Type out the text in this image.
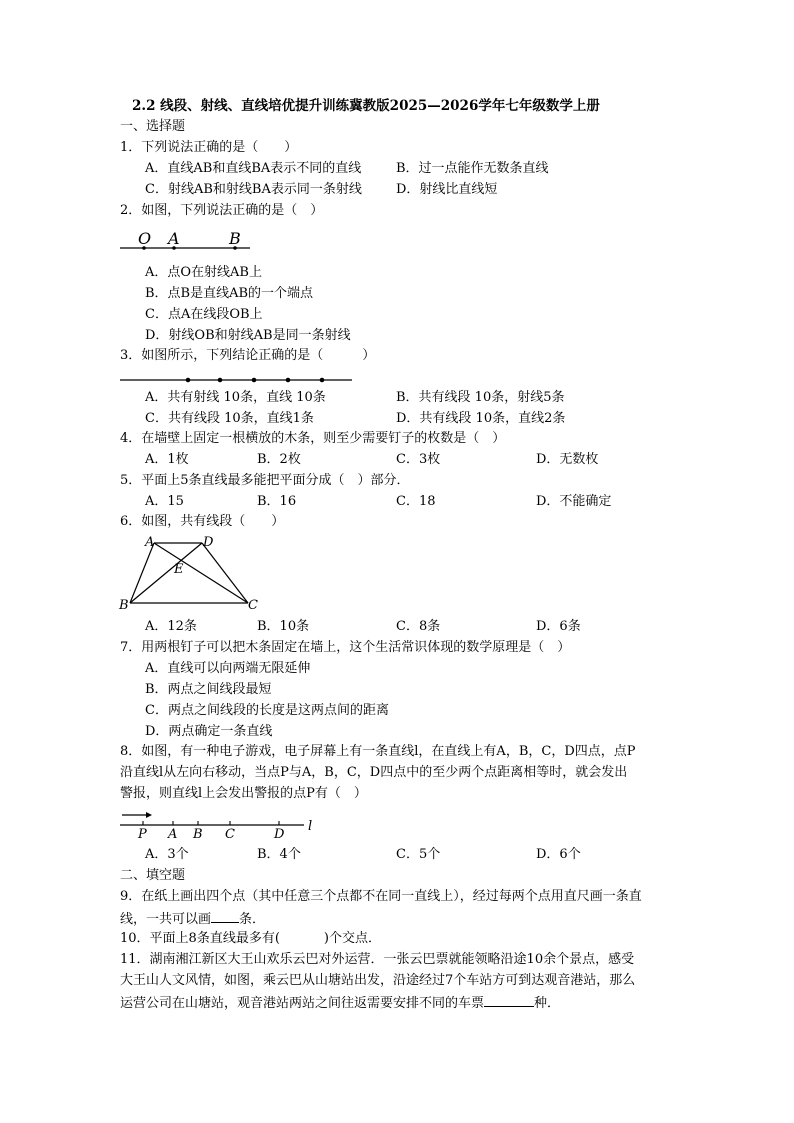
2.2 线段、射线、直线培优提升训练冀教版2025—2026学年七年级数学上册
一、选择题
1．下列说法正确的是（　　）
A．直线AB和直线BA表示不同的直线	B．过一点能作无数条直线
C．射线AB和射线BA表示同一条射线	D．射线比直线短
2．如图，下列说法正确的是（　）
O A	B
A．点O在射线AB上
B．点B是直线AB的一个端点
C．点A在线段OB上
D．射线OB和射线AB是同一条射线
3．如图所示，下列结论正确的是（　　　）
A．共有射线 10条，直线 10条	B．共有线段 10条，射线5条
C．共有线段 10条，直线1条	D．共有线段 10条，直线2条
4．在墙壁上固定一根横放的木条，则至少需要钉子的枚数是（　）
A．1枚	B．2枚	C．3枚	D．无数枚
5．平面上5条直线最多能把平面分成（　）部分．
A．15	B．16	C．18	D．不能确定
6．如图，共有线段（　　）
A	D
E
B	C
A．12条	B．10条	C．8条	D．6条
7．用两根钉子可以把木条固定在墙上，这个生活常识体现的数学原理是（　）
A．直线可以向两端无限延伸
B．两点之间线段最短
C．两点之间线段的长度是这两点间的距离
D．两点确定一条直线
8．如图，有一种电子游戏，电子屏幕上有一条直线l，在直线上有A，B，C，D四点，点P
沿直线l从左向右移动，当点P与A，B，C，D四点中的至少两个点距离相等时，就会发出
警报，则直线l上会发出警报的点P有（　）
P A B C	D
l
A．3个	B．4个	C．5个	D．6个
二、填空题
9．在纸上画出四个点（其中任意三个点都不在同一直线上），经过每两个点用直尺画一条直
线，一共可以画 条．
10．平面上8条直线最多有(	)个交点．
11．湖南湘江新区大王山欢乐云巴对外运营．一张云巴票就能领略沿途10余个景点，感受
大王山人文风情，如图，乘云巴从山塘站出发，沿途经过7个车站方可到达观音港站，那么
运营公司在山塘站，观音港站两站之间往返需要安排不同的车票	种．
